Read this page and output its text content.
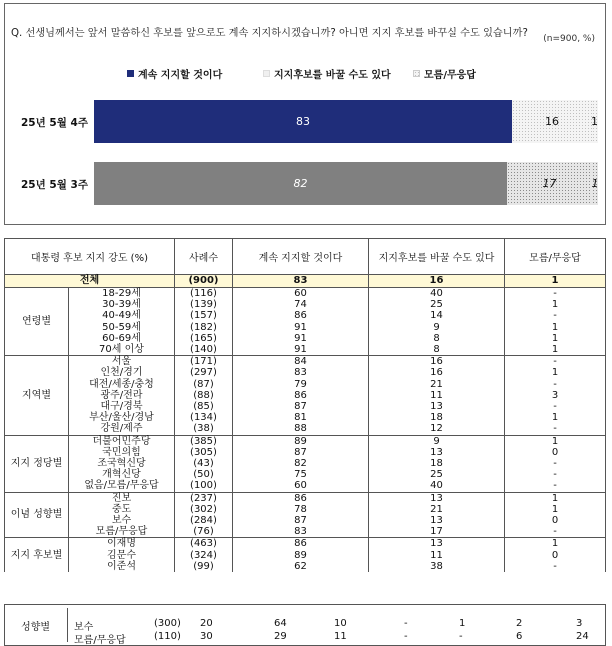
Q. 선생님께서는 앞서 말씀하신 후보를 앞으로도 계속 지지하시겠습니까? 아니면 지지 후보를 바꾸실 수도 있습니까? (n=900, %)
계속 지지할 것이다	지지후보를 바꿀 수도 있다	모름/무응답
25년 5월 4주	83	16	1
25년 5월 3주	82	17	1
대통령 후보 지지 강도 (%)		사례수	계속 지지할 것이다	지지후보를 바꿀 수도 있다	모름/무응답
전체		(900)	83	16	1
연령별	18-29세	(116)	60	40	-
	30-39세	(139)	74	25	1
	40-49세	(157)	86	14	-
	50-59세	(182)	91	9	1
	60-69세	(165)	91	8	1
	70세 이상	(140)	91	8	1
지역별	서울	(171)	84	16	-
	인천/경기	(297)	83	16	1
	대전/세종/충청	(87)	79	21	-
	광주/전라	(88)	86	11	3
	대구/경북	(85)	87	13	-
	부산/울산/경남	(134)	81	18	1
	강원/제주	(38)	88	12	-
지지 정당별	더불어민주당	(385)	89	9	1
	국민의힘	(305)	87	13	0
	조국혁신당	(43)	82	18	-
	개혁신당	(50)	75	25	-
	없음/모름/무응답	(100)	60	40	-
이념 성향별	진보	(237)	86	13	1
	중도	(302)	78	21	1
	보수	(284)	87	13	0
	모름/무응답	(76)	83	17	-
지지 후보별	이재명	(463)	86	13	1
	김문수	(324)	89	11	0
	이준석	(99)	62	38	-
성향별	보수	(300) 20	64	10	-	1	2	3
모름/무응답	(110) 30	29	11	-	-	6	24
